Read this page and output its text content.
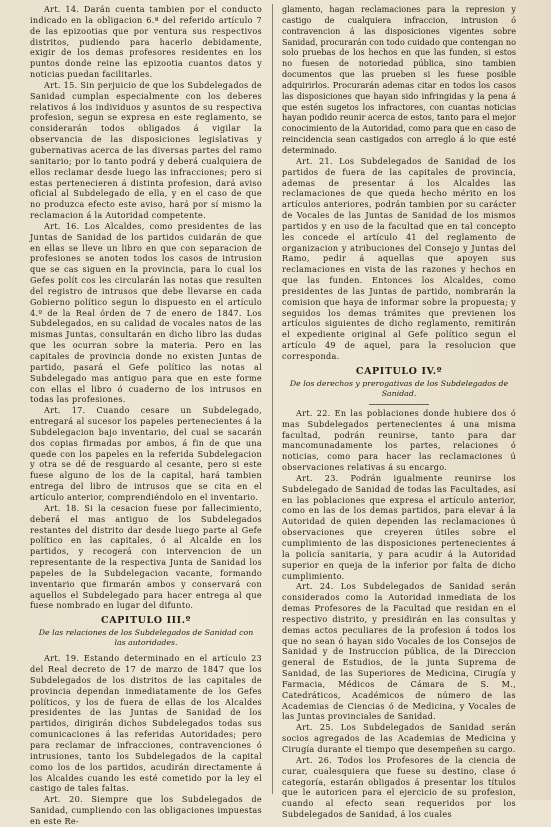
Art. 14. Darán cuenta tambien por el conducto indicado en la obligacion 6.ª del referido artículo 7 de las epizootias que por ventura sus respectivos distritos, pudiendo para hacerlo debidamente, exigir de los demas profesores residentes en los puntos donde reine las epizootia cuantos datos y noticias puedan facilitarles.

Art. 15. Sin perjuicio de que los Subdelegados de Sanidad cumplan especialmente con los deberes relativos á los individuos y asuntos de su respectiva profesion, segun se expresa en este reglamento, se considerarán todos obligados á vigilar la observancia de las disposiciones legislativas y gubernativas acerca de las diversas partes del ramo sanitario; por lo tanto podrá y deberá cualquiera de ellos reclamar desde luego las infracciones; pero si estas pertenecieren á distinta profesion, dará aviso oficial al Subdelegado de ella, y en el caso de que no produzca efecto este aviso, hará por sí mismo la reclamacion á la Autoridad competente.

Art. 16. Los Alcaldes, como presidentes de las Juntas de Sanidad de los partidos cuidarán de que en ellas se lleve un libro en que con separacion de profesiones se anoten todos los casos de intrusion que se cas siguen en la provincia, para lo cual los Gefes polít cos les circularán las notas que resulten del registro de intrusos que debe llevarse en cada Gobierno político segun lo dispuesto en el artículo 4.º de la Real órden de 7 de enero de 1847. Los Subdelegados, en su calidad de vocales natos de las mismas Juntas, consultarán en dicho libro las dudas que les ocurran sobre la materia. Pero en las capitales de provincia donde no existen Juntas de partido, pasará el Gefe político las notas al Subdelegado mas antiguo para que en este forme con ellas el libro ó cuaderno de los intrusos en todas las profesiones.

Art. 17. Cuando cesare un Subdelegado, entregará al sucesor los papeles pertenecientes á la Subdelegacion bajo inventario, del cual se sacarán dos copias firmadas por ambos, á fin de que una quede con los papeles en la referida Subdelegacion y otra se dé de resguardo al cesante, pero si este fuese alguno de los de la capital, hará tambien entrega del libro de intrusos que se cita en el artículo anterior, comprendiéndolo en el inventario.

Art. 18. Si la cesacion fuese por fallecimiento, deberá el mas antiguo de los Subdelegados restantes del distrito dar desde luego parte al Gefe político en las capitales, ó al Alcalde en los partidos, y recogerá con intervencion de un representante de la respectiva Junta de Sanidad los papeles de la Subdelegacion vacante, formando inventario que firmarán ambos y conservará con aquellos el Subdelegado para hacer entrega al que fuese nombrado en lugar del difunto.

CAPITULO III.º
De las relaciones de los Subdelegados de Sanidad con las autoridades.

Art. 19. Estando determinado en el artículo 23 del Real decreto de 17 de marzo de 1847 que los Subdelegados de los distritos de las capitales de provincia dependan inmediatamente de los Gefes políticos, y los de fuera de ellas de los Alcaldes presidentes de las Juntas de Sanidad de los partidos, dirigirán dichos Subdelegados todas sus comunicaciones á las referidas Autoridades; pero para reclamar de infracciones, contravenciones ó intrusiones, tanto los Subdelegados de la capital como los de los partidos, acudirán directamente á los Alcaldes cuando les esté cometido por la ley el castigo de tales faltas.

Art. 20. Siempre que los Subdelegados de Sanidad, cumpliendo con las obligaciones impuestas en este Re-

glamento, hagan reclamaciones para la represion y castigo de cualquiera infraccion, intrusion ó contravencion á las disposiciones vigentes sobre Sanidad, procurarán con todo cuidado que contengan no solo pruebas de los hechos en que las funden, si estos no fuesen de notoriedad pública, sino tambien documentos que las prueben si les fuese posible adquirirlos. Procurarán ademas citar en todos los casos las disposiciones que hayan sido infringidas y la pena á que estén sugetos los infractores, con cuantas noticias hayan podido reunir acerca de estos, tanto para el mejor conocimiento de la Autoridad, como para que en caso de reincidencia sean castigados con arreglo á lo que esté determinado.

Art. 21. Los Subdelegados de Sanidad de los partidos de fuera de las capitales de provincia, ademas de presentar á los Alcaldes las reclamaciones de que queda hecho mérito en los artículos anteriores, podrán tambien por su carácter de Vocales de las Juntas de Sanidad de los mismos partidos y en uso de la facultad que en tal concepto les concede el artículo 41 del reglamento de organizacion y atribuciones del Consejo y Juntas del Ramo, pedir á aquellas que apoyen sus reclamaciones en vista de las razones y hechos en que las funden. Entonces los Alcaldes, como presidentes de las Juntas de partido, nombrarán la comision que haya de informar sobre la propuesta; y seguidos los demas trámites que previenen los artículos siguientes de dicho reglamento, remitirán el expediente original al Gefe político segun el artículo 49 de aquel, para la resolucion que corresponda.

CAPITULO IV.º
De los derechos y prerogativas de los Subdelegados de Sanidad.

Art. 22. En las poblaciones donde hubiere dos ó mas Subdelegados pertenecientes á una misma facultad, podrán reunirse, tanto para dar mancomunadamente los partes, relaciones ó noticias, como para hacer las reclamaciones ú observaciones relativas á su encargo.

Art. 23. Podrán igualmente reunirse los Subdelegado de Sanidad de todas las Facultades, así en las poblaciones que expresa el artículo anterior, como en las de los demas partidos, para elevar á la Autoridad de quien dependen las reclamaciones ú observaciones que creyeren útiles sobre el cumplimiento de las disposiciones pertenecientes á la policía sanitaria, y para acudir á la Autoridad superior en queja de la inferior por falta de dicho cumplimiento.

Art. 24. Los Subdelegados de Sanidad serán considerados como la Autoridad inmediata de los demas Profesores de la Facultad que residan en el respectivo distrito, y presidirán en las consultas y demas actos peculiares de la profesion á todos los que no sean ó hayan sido Vocales de los Consejos de Sanidad y de Instruccion pública, de la Direccion general de Estudios, de la junta Suprema de Sanidad, de las Superiores de Medicina, Cirugía y Farmacia, Médicos de Cámara de S. M., Catedráticos, Académicos de número de las Academias de Ciencias ó de Medicina, y Vocales de las Juntas provinciales de Sanidad.

Art. 25. Los Subdelegados de Sanidad serán socios agregados de las Academias de Medicina y Cirugía durante el tiempo que desempeñen su cargo.

Art. 26. Todos los Profesores de la ciencia de curar, cualesquiera que fuese su destino, clase ó categoría, estarán obligados á presentar los títulos que le autoricen para el ejercicio de su profesion, cuando al efecto sean requeridos por los Subdelegados de Sanidad, á los cuales
